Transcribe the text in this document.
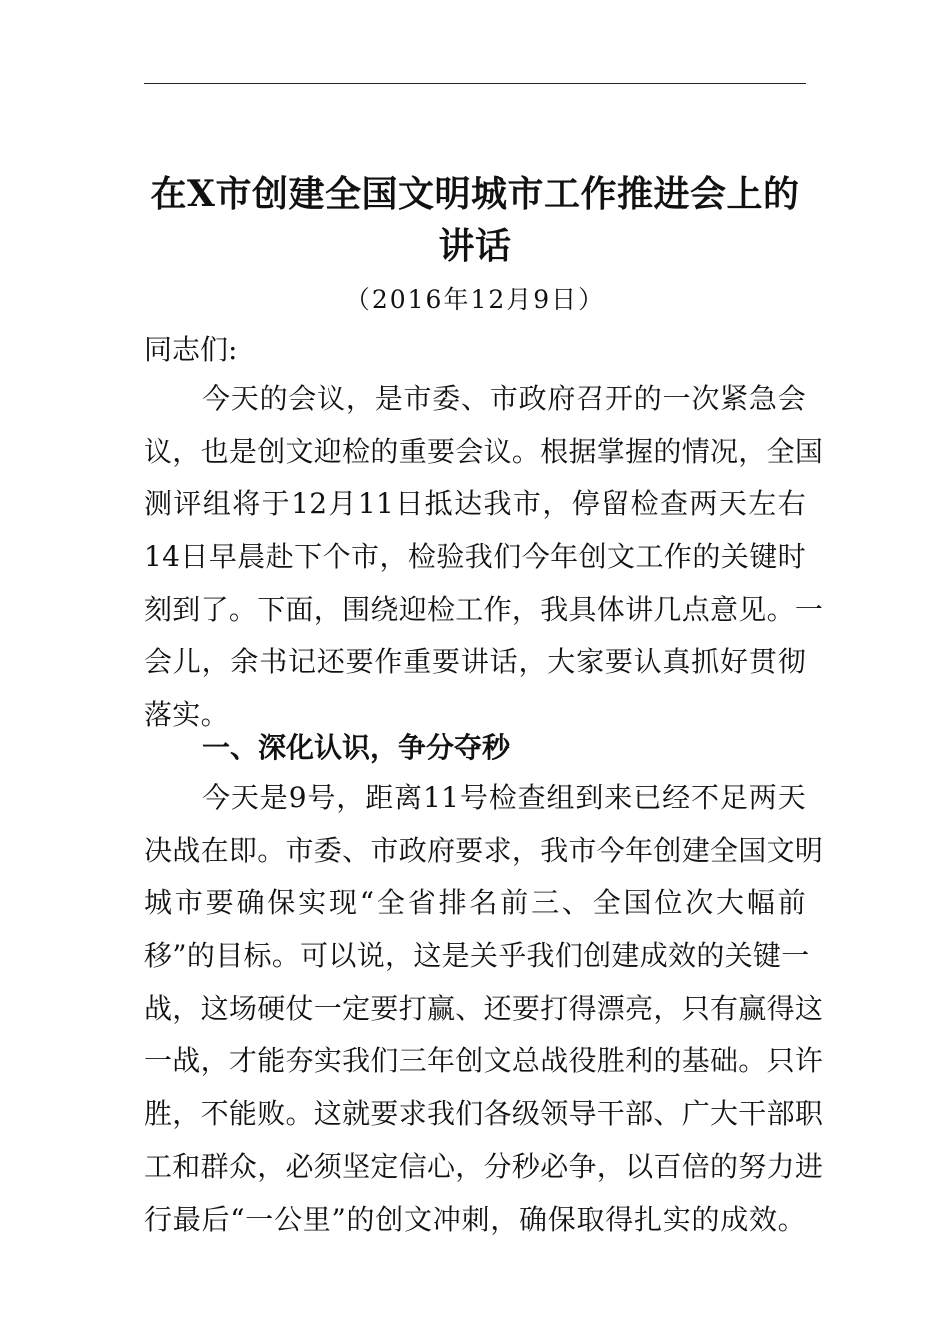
在X市创建全国文明城市工作推进会上的
讲话

（2016年12月9日）

同志们:

今天的会议，是市委、市政府召开的一次紧急会
议，也是创文迎检的重要会议。根据掌握的情况，全国
测评组将于12月11日抵达我市，停留检查两天左右
14日早晨赴下个市，检验我们今年创文工作的关键时
刻到了。下面，围绕迎检工作，我具体讲几点意见。一
会儿，余书记还要作重要讲话，大家要认真抓好贯彻
落实。

一、深化认识，争分夺秒

今天是9号，距离11号检查组到来已经不足两天
决战在即。市委、市政府要求，我市今年创建全国文明
城市要确保实现“全省排名前三、全国位次大幅前
移”的目标。可以说，这是关乎我们创建成效的关键一
战，这场硬仗一定要打赢、还要打得漂亮，只有赢得这
一战，才能夯实我们三年创文总战役胜利的基础。只许
胜，不能败。这就要求我们各级领导干部、广大干部职
工和群众，必须坚定信心，分秒必争，以百倍的努力进
行最后“一公里”的创文冲刺，确保取得扎实的成效。
